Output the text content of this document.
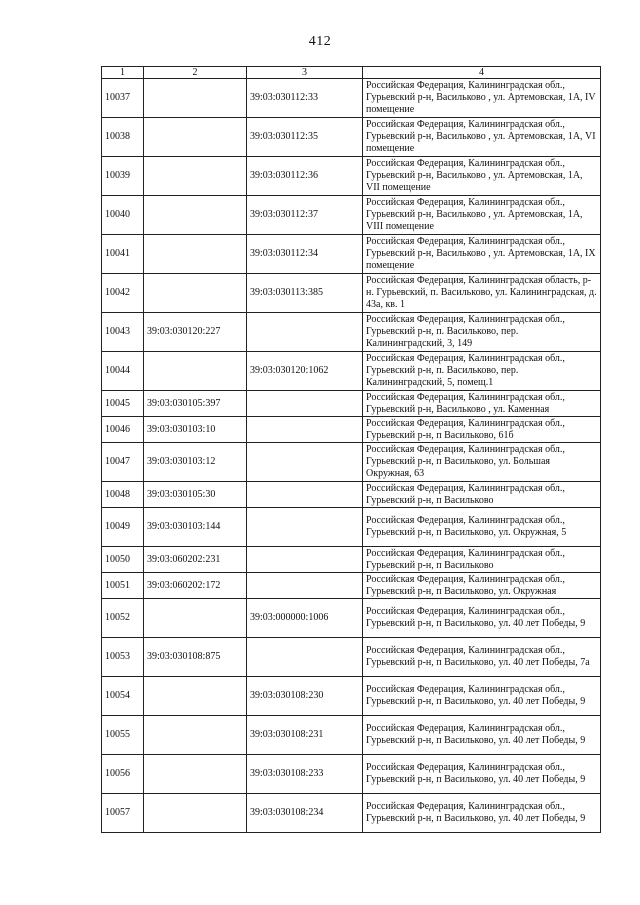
412
1	2	3	4
10037		39:03:030112:33	Российская Федерация, Калининградская обл., Гурьевский р-н, Васильково , ул. Артемовская, 1А, IV помещение
10038		39:03:030112:35	Российская Федерация, Калининградская обл., Гурьевский р-н, Васильково , ул. Артемовская, 1А, VI помещение
10039		39:03:030112:36	Российская Федерация, Калининградская обл., Гурьевский р-н, Васильково , ул. Артемовская, 1А, VII помещение
10040		39:03:030112:37	Российская Федерация, Калининградская обл., Гурьевский р-н, Васильково , ул. Артемовская, 1А, VIII помещение
10041		39:03:030112:34	Российская Федерация, Калининградская обл., Гурьевский р-н, Васильково , ул. Артемовская, 1А, IX помещение
10042		39:03:030113:385	Российская Федерация, Калининградская область, р-н. Гурьевский, п. Васильково, ул. Калининградская, д. 43а, кв. 1
10043	39:03:030120:227		Российская Федерация, Калининградская обл., Гурьевский р-н, п. Васильково, пер. Калининградский, 3, 149
10044		39:03:030120:1062	Российская Федерация, Калининградская обл., Гурьевский р-н, п. Васильково, пер. Калининградский, 5, помещ.1
10045	39:03:030105:397		Российская Федерация, Калининградская обл., Гурьевский р-н, Васильково , ул. Каменная
10046	39:03:030103:10		Российская Федерация, Калининградская обл., Гурьевский р-н, п Васильково, 61б
10047	39:03:030103:12		Российская Федерация, Калининградская обл., Гурьевский р-н, п Васильково, ул. Большая Окружная, 63
10048	39:03:030105:30		Российская Федерация, Калининградская обл., Гурьевский р-н, п Васильково
10049	39:03:030103:144		Российская Федерация, Калининградская обл., Гурьевский р-н, п Васильково, ул. Окружная, 5
10050	39:03:060202:231		Российская Федерация, Калининградская обл., Гурьевский р-н, п Васильково
10051	39:03:060202:172		Российская Федерация, Калининградская обл., Гурьевский р-н, п Васильково, ул. Окружная
10052		39:03:000000:1006	Российская Федерация, Калининградская обл., Гурьевский р-н, п Васильково, ул. 40 лет Победы, 9
10053	39:03:030108:875		Российская Федерация, Калининградская обл., Гурьевский р-н, п Васильково, ул. 40 лет Победы, 7а
10054		39:03:030108:230	Российская Федерация, Калининградская обл., Гурьевский р-н, п Васильково, ул. 40 лет Победы, 9
10055		39:03:030108:231	Российская Федерация, Калининградская обл., Гурьевский р-н, п Васильково, ул. 40 лет Победы, 9
10056		39:03:030108:233	Российская Федерация, Калининградская обл., Гурьевский р-н, п Васильково, ул. 40 лет Победы, 9
10057		39:03:030108:234	Российская Федерация, Калининградская обл., Гурьевский р-н, п Васильково, ул. 40 лет Победы, 9
